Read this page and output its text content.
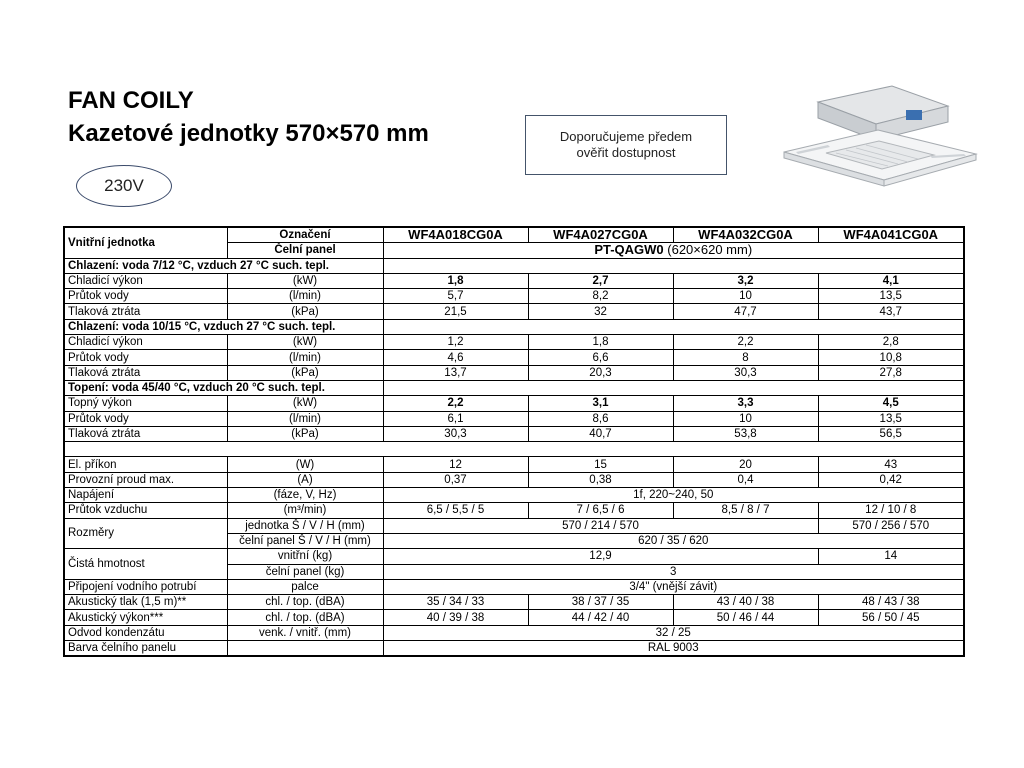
FAN COILY
Kazetové jednotky 570×570 mm
230V
Doporučujeme předem
ověřit dostupnost
Vnitřní jednotka	Označení	WF4A018CG0A	WF4A027CG0A	WF4A032CG0A	WF4A041CG0A
	Čelní panel	PT-QAGW0 (620×620 mm)			
Chlazení: voda 7/12 °C, vzduch 27 °C such. tepl.					
Chladicí výkon	(kW)	1,8	2,7	3,2	4,1
Průtok vody	(l/min)	5,7	8,2	10	13,5
Tlaková ztráta	(kPa)	21,5	32	47,7	43,7
Chlazení: voda 10/15 °C, vzduch 27 °C such. tepl.					
Chladicí výkon	(kW)	1,2	1,8	2,2	2,8
Průtok vody	(l/min)	4,6	6,6	8	10,8
Tlaková ztráta	(kPa)	13,7	20,3	30,3	27,8
Topení: voda 45/40 °C, vzduch 20 °C such. tepl.					
Topný výkon	(kW)	2,2	3,1	3,3	4,5
Průtok vody	(l/min)	6,1	8,6	10	13,5
Tlaková ztráta	(kPa)	30,3	40,7	53,8	56,5

El. příkon	(W)	12	15	20	43
Provozní proud max.	(A)	0,37	0,38	0,4	0,42
Napájení	(fáze, V, Hz)	1f, 220~240, 50			
Průtok vzduchu	(m³/min)	6,5 / 5,5 / 5	7 / 6,5 / 6	8,5 / 8 / 7	12 / 10 / 8
Rozměry	jednotka Š / V / H (mm)	570 / 214 / 570			570 / 256 / 570
	čelní panel Š / V / H (mm)	620 / 35 / 620			
Čistá hmotnost	vnitřní (kg)	12,9			14
	čelní panel (kg)	3			
Připojení vodního potrubí	palce	3/4" (vnější závit)			
Akustický tlak (1,5 m)**	chl. / top. (dBA)	35 / 34 / 33	38 / 37 / 35	43 / 40 / 38	48 / 43 / 38
Akustický výkon***	chl. / top. (dBA)	40 / 39 / 38	44 / 42 / 40	50 / 46 / 44	56 / 50 / 45
Odvod kondenzátu	venk. / vnitř. (mm)	32 / 25			
Barva čelního panelu		RAL 9003			
